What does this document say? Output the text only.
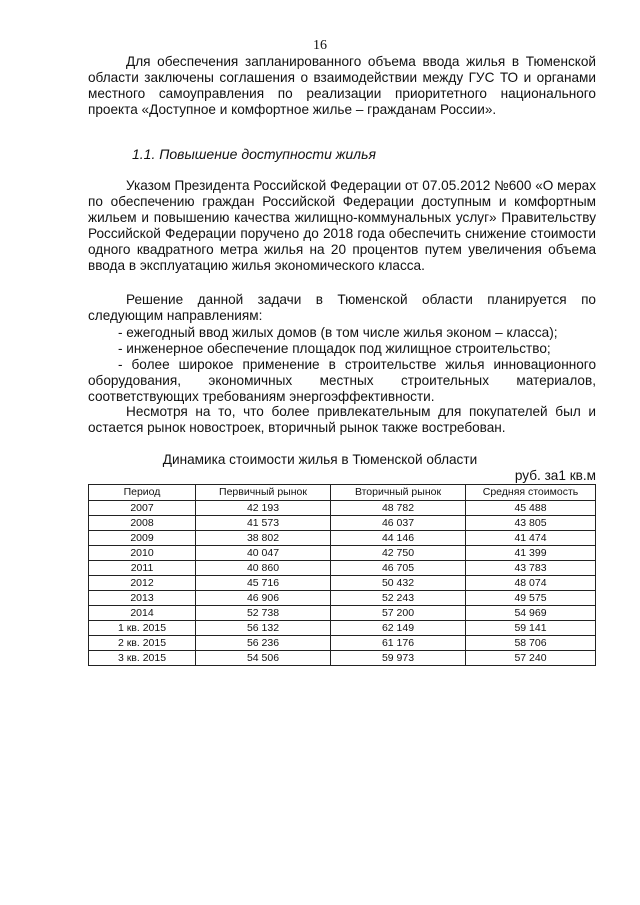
16

Для обеспечения запланированного объема ввода жилья в Тюменской области заключены соглашения о взаимодействии между ГУС ТО и органами местного самоуправления по реализации приоритетного национального проекта «Доступное и комфортное жилье – гражданам России».

1.1. Повышение доступности жилья

Указом Президента Российской Федерации от 07.05.2012 №600 «О мерах по обеспечению граждан Российской Федерации доступным и комфортным жильем и повышению качества жилищно-коммунальных услуг» Правительству Российской Федерации поручено до 2018 года обеспечить снижение стоимости одного квадратного метра жилья на 20 процентов путем увеличения объема ввода в эксплуатацию жилья экономического класса.

Решение данной задачи в Тюменской области планируется по следующим направлениям:

- ежегодный ввод жилых домов (в том числе жилья эконом – класса);
- инженерное обеспечение площадок под жилищное строительство;
- более широкое применение в строительстве жилья инновационного оборудования, экономичных местных строительных материалов, соответствующих требованиям энергоэффективности.

Несмотря на то, что более привлекательным для покупателей был и остается рынок новостроек, вторичный рынок также востребован.

Динамика стоимости жилья в Тюменской области
руб. за1 кв.м
Период	Первичный рынок	Вторичный рынок	Средняя стоимость
2007	42 193	48 782	45 488
2008	41 573	46 037	43 805
2009	38 802	44 146	41 474
2010	40 047	42 750	41 399
2011	40 860	46 705	43 783
2012	45 716	50 432	48 074
2013	46 906	52 243	49 575
2014	52 738	57 200	54 969
1 кв. 2015	56 132	62 149	59 141
2 кв. 2015	56 236	61 176	58 706
3 кв. 2015	54 506	59 973	57 240
